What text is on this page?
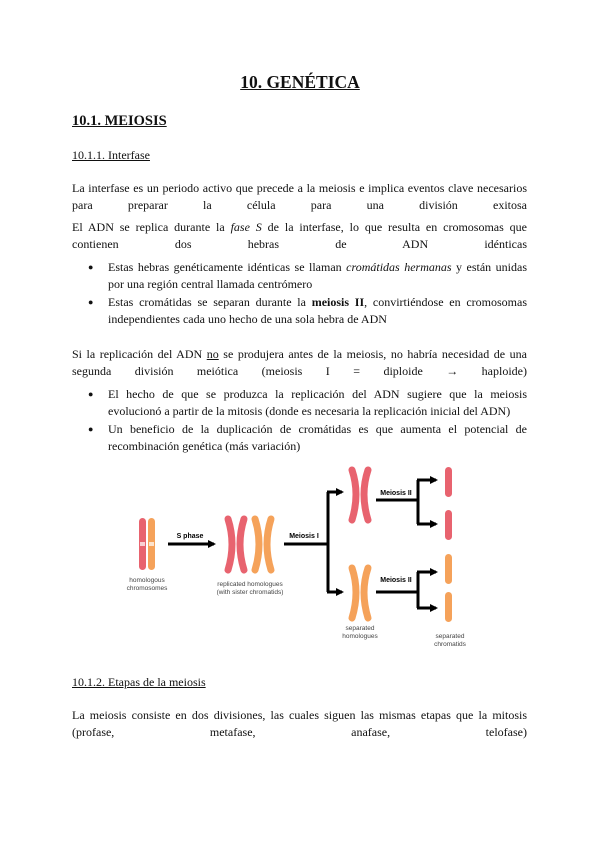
10. GENÉTICA
10.1. MEIOSIS
10.1.1. Interfase

La interfase es un periodo activo que precede a la meiosis e implica eventos clave necesarios
para preparar la célula para una división exitosa

El ADN se replica durante la fase S de la interfase, lo que resulta en cromosomas que
contienen dos hebras de ADN idénticas

● Estas hebras genéticamente idénticas se llaman cromátidas hermanas y están unidas
por una región central llamada centrómero
● Estas cromátidas se separan durante la meiosis II, convirtiéndose en cromosomas
independientes cada uno hecho de una sola hebra de ADN

Si la replicación del ADN no se produjera antes de la meiosis, no habría necesidad de una
segunda división meiótica (meiosis I = diploide → haploide)

● El hecho de que se produzca la replicación del ADN sugiere que la meiosis
evolucionó a partir de la mitosis (donde es necesaria la replicación inicial del ADN)
● Un beneficio de la duplicación de cromátidas es que aumenta el potencial de
recombinación genética (más variación)
homologous
chromosomes
S phase
replicated homologues
(with sister chromatids)
Meiosis I
separated
homologues
Meiosis II
Meiosis II
separated
chromatids
10.1.2. Etapas de la meiosis

La meiosis consiste en dos divisiones, las cuales siguen las mismas etapas que la mitosis
(profase, metafase, anafase, telofase)
